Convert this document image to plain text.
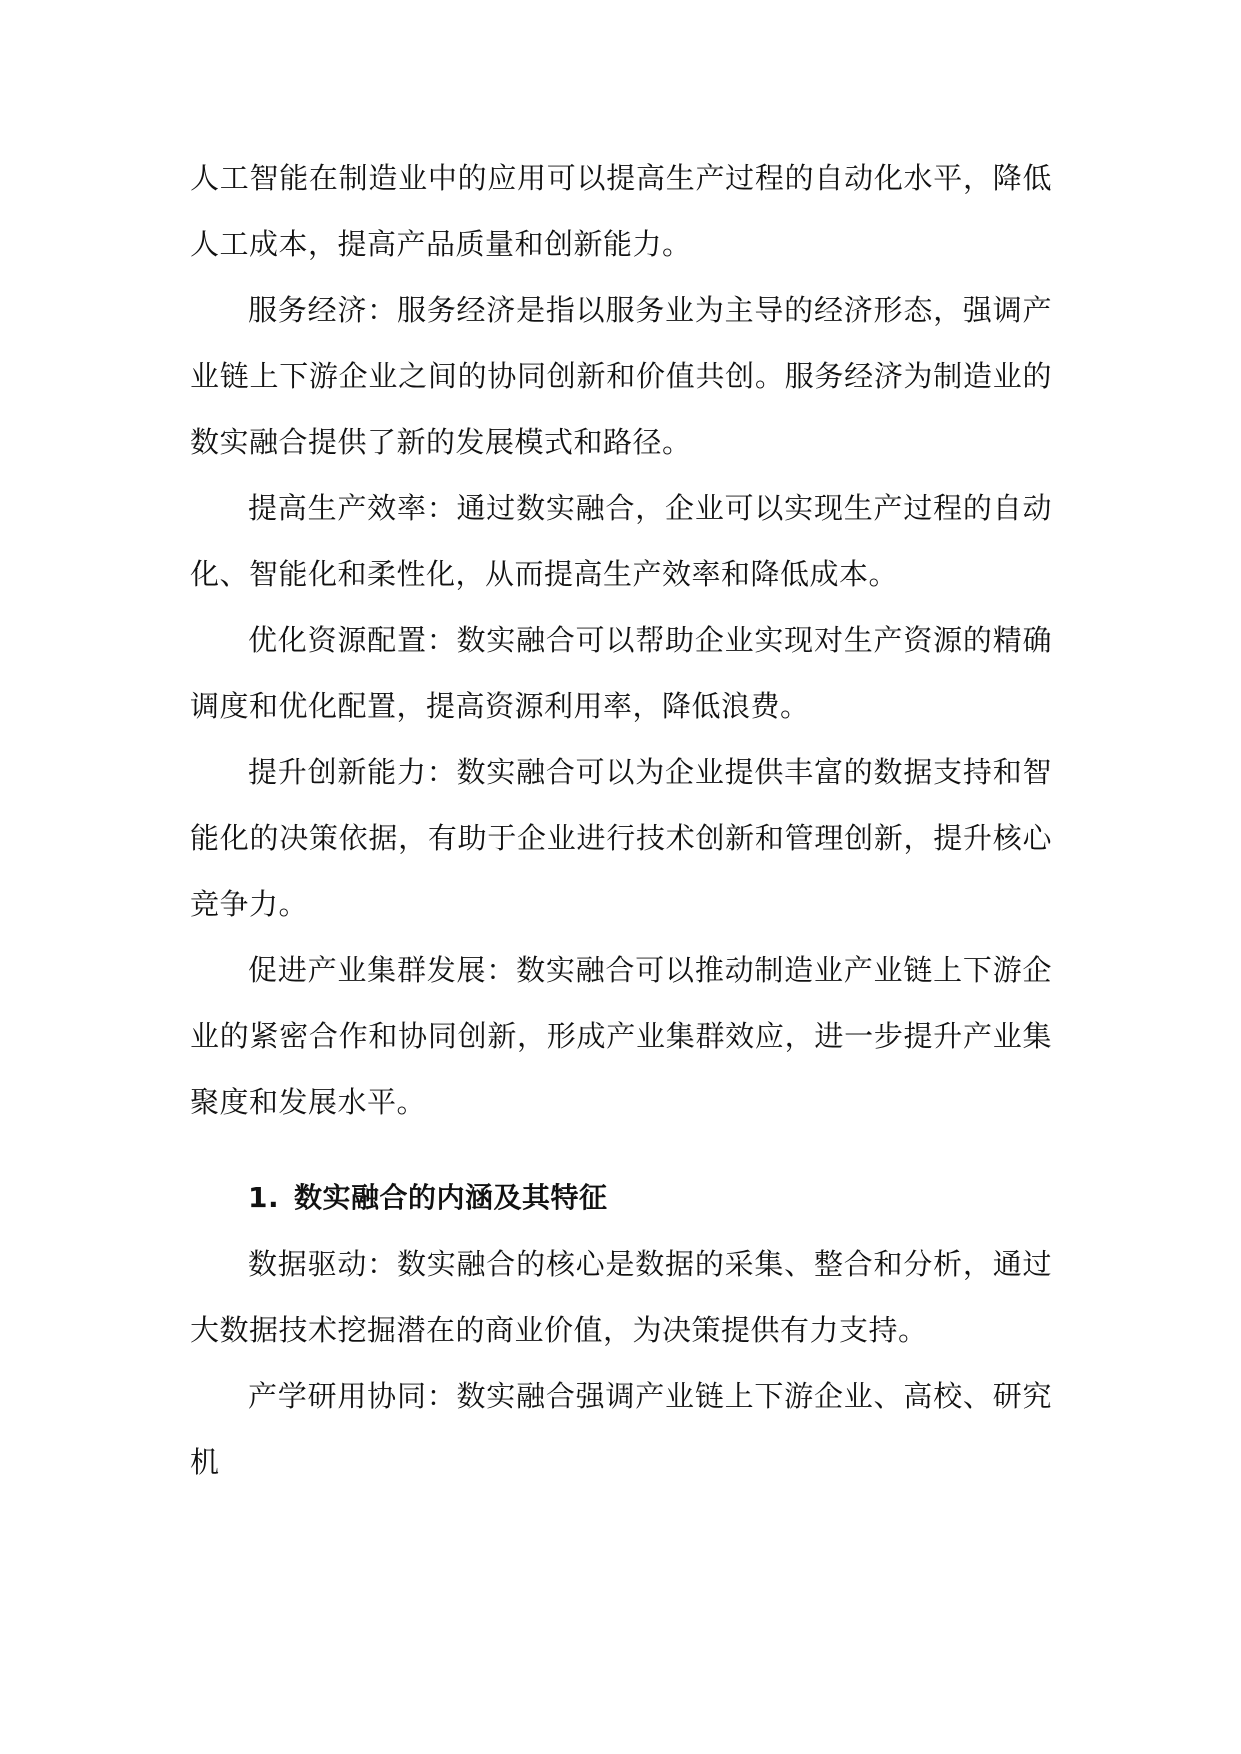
人工智能在制造业中的应用可以提高生产过程的自动化水平，降低人工成本，提高产品质量和创新能力。

服务经济：服务经济是指以服务业为主导的经济形态，强调产业链上下游企业之间的协同创新和价值共创。服务经济为制造业的数实融合提供了新的发展模式和路径。

提高生产效率：通过数实融合，企业可以实现生产过程的自动化、智能化和柔性化，从而提高生产效率和降低成本。

优化资源配置：数实融合可以帮助企业实现对生产资源的精确调度和优化配置，提高资源利用率，降低浪费。

提升创新能力：数实融合可以为企业提供丰富的数据支持和智能化的决策依据，有助于企业进行技术创新和管理创新，提升核心竞争力。

促进产业集群发展：数实融合可以推动制造业产业链上下游企业的紧密合作和协同创新，形成产业集群效应，进一步提升产业集聚度和发展水平。

1. 数实融合的内涵及其特征

数据驱动：数实融合的核心是数据的采集、整合和分析，通过大数据技术挖掘潜在的商业价值，为决策提供有力支持。

产学研用协同：数实融合强调产业链上下游企业、高校、研究机
